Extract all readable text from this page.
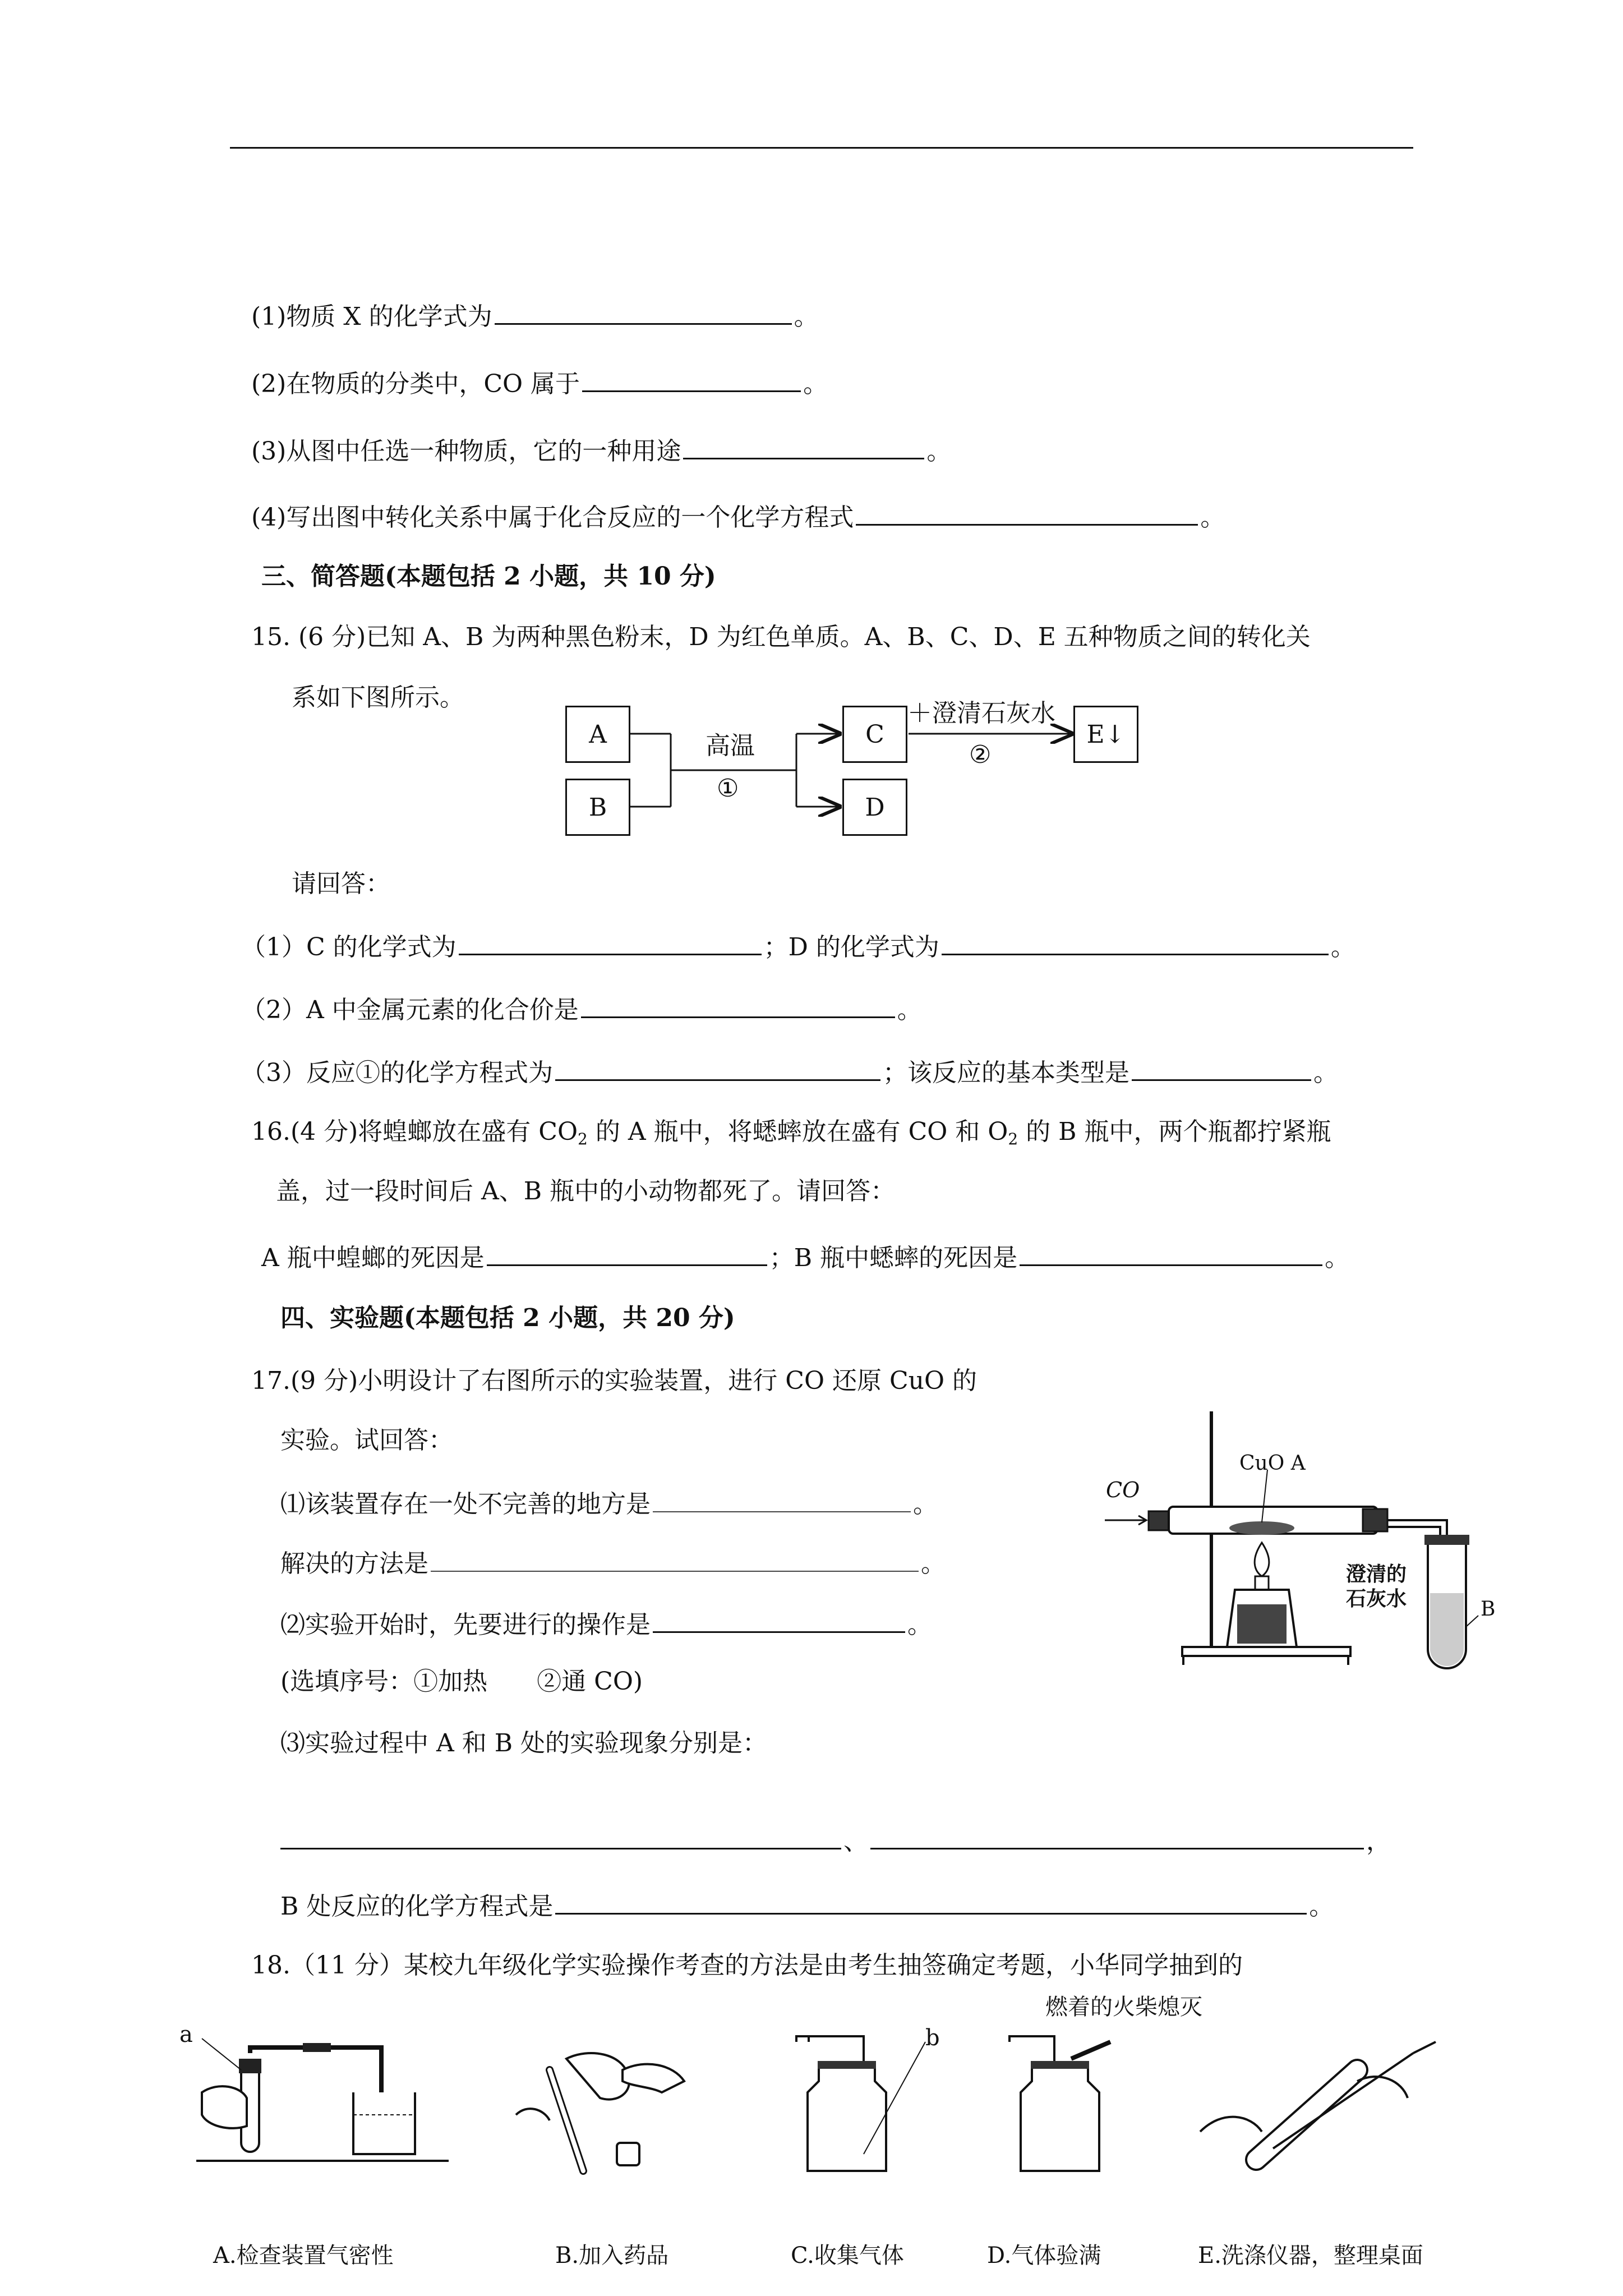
(1)物质 X 的化学式为	。
(2)在物质的分类中，CO 属于	。
(3)从图中任选一种物质，它的一种用途	。
(4)写出图中转化关系中属于化合反应的一个化学方程式	。
三、简答题(本题包括 2 小题，共 10 分)
15. (6 分)已知 A、B 为两种黑色粉末，D 为红色单质。A、B、C、D、E 五种物质之间的转化关
系如下图所示。
A
B
C
D
E↓
高温
①
＋澄清石灰水
②
请回答：
（1）C 的化学式为	；D 的化学式为	。
（2）A 中金属元素的化合价是	。
（3）反应①的化学方程式为	；该反应的基本类型是	。
16.(4 分)将蝗螂放在盛有 $CO_2$ 的 A 瓶中，将蟋蟀放在盛有 CO 和 $O_2$ 的 B 瓶中，两个瓶都拧紧瓶
盖，过一段时间后 A、B 瓶中的小动物都死了。请回答：
A 瓶中蝗螂的死因是	；B 瓶中蟋蟀的死因是	。
四、实验题(本题包括 2 小题，共 20 分)
17.(9 分)小明设计了右图所示的实验装置，进行 CO 还原 CuO 的
实验。试回答：
⑴该装置存在一处不完善的地方是	。
解决的方法是	。
⑵实验开始时，先要进行的操作是	。
(选填序号：①加热　　②通 CO)
⑶实验过程中 A 和 B 处的实验现象分别是：
、	，
B 处反应的化学方程式是	。
CO
CuO A
澄清的
石灰水	B
18.（11 分）某校九年级化学实验操作考查的方法是由考生抽签确定考题，小华同学抽到的
a	b
燃着的火柴熄灭
A.检查装置气密性	B.加入药品	C.收集气体	D.气体验满	E.洗涤仪器，整理桌面
